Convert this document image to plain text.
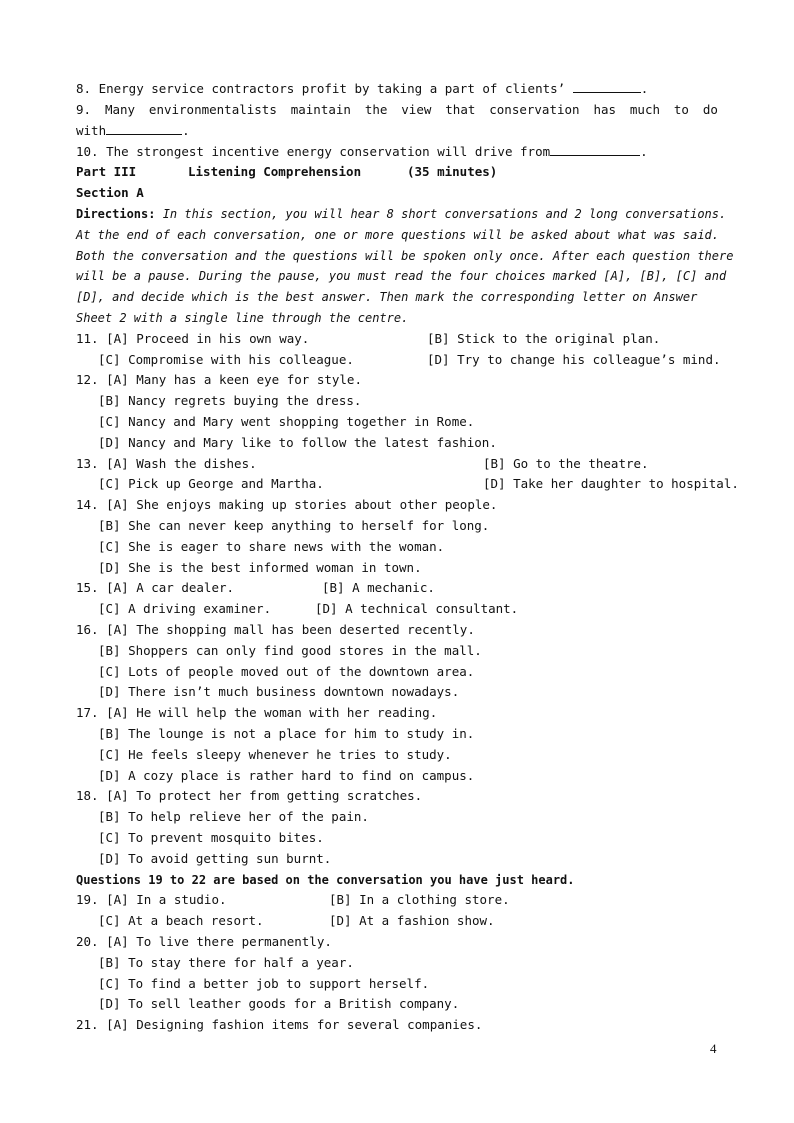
8. Energy service contractors profit by taking a part of clients’	.
9. Many environmentalists maintain the view that conservation has much to do
with	.
10. The strongest incentive energy conservation will drive from	.
Part III	Listening Comprehension	(35 minutes)
Section A
Directions: In this section, you will hear 8 short conversations and 2 long conversations.
At the end of each conversation, one or more questions will be asked about what was said.
Both the conversation and the questions will be spoken only once. After each question there
will be a pause. During the pause, you must read the four choices marked [A], [B], [C] and
[D], and decide which is the best answer. Then mark the corresponding letter on Answer
Sheet 2 with a single line through the centre.
11. [A] Proceed in his own way.	[B] Stick to the original plan.
[C] Compromise with his colleague.	[D] Try to change his colleague’s mind.
12. [A] Many has a keen eye for style.
[B] Nancy regrets buying the dress.
[C] Nancy and Mary went shopping together in Rome.
[D] Nancy and Mary like to follow the latest fashion.
13. [A] Wash the dishes.	[B] Go to the theatre.
[C] Pick up George and Martha.	[D] Take her daughter to hospital.
14. [A] She enjoys making up stories about other people.
[B] She can never keep anything to herself for long.
[C] She is eager to share news with the woman.
[D] She is the best informed woman in town.
15. [A] A car dealer.	[B] A mechanic.
[C] A driving examiner.	[D] A technical consultant.
16. [A] The shopping mall has been deserted recently.
[B] Shoppers can only find good stores in the mall.
[C] Lots of people moved out of the downtown area.
[D] There isn’t much business downtown nowadays.
17. [A] He will help the woman with her reading.
[B] The lounge is not a place for him to study in.
[C] He feels sleepy whenever he tries to study.
[D] A cozy place is rather hard to find on campus.
18. [A] To protect her from getting scratches.
[B] To help relieve her of the pain.
[C] To prevent mosquito bites.
[D] To avoid getting sun burnt.
Questions 19 to 22 are based on the conversation you have just heard.
19. [A] In a studio.	[B] In a clothing store.
[C] At a beach resort.	[D] At a fashion show.
20. [A] To live there permanently.
[B] To stay there for half a year.
[C] To find a better job to support herself.
[D] To sell leather goods for a British company.
21. [A] Designing fashion items for several companies.
4
